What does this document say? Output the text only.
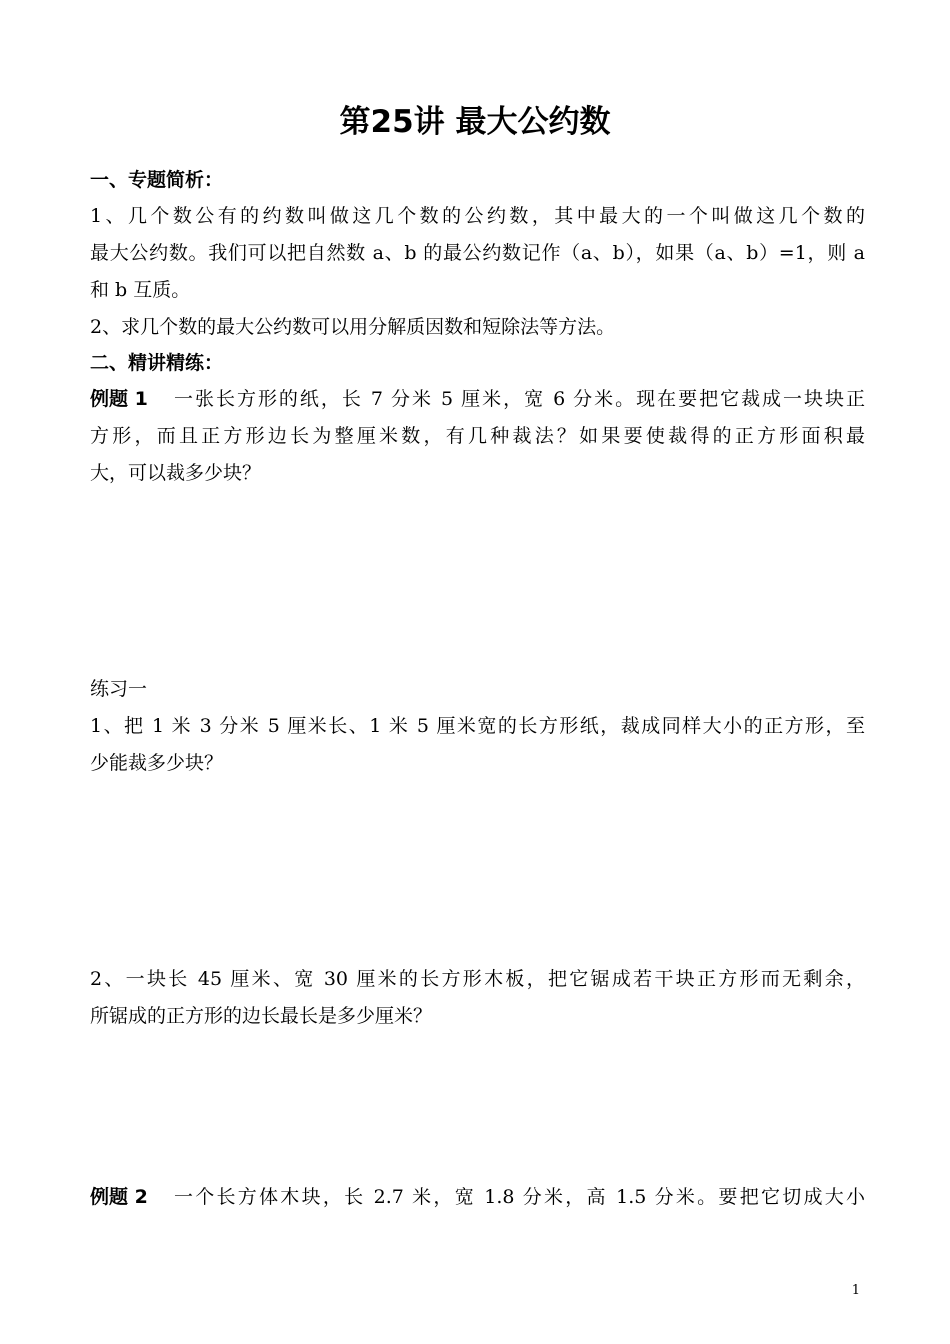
第25讲 最大公约数
一、专题简析：
1、几个数公有的约数叫做这几个数的公约数，其中最大的一个叫做这几个数的
最大公约数。我们可以把自然数 a、b 的最公约数记作（a、b），如果（a、b）=1，则 a
和 b 互质。
2、求几个数的最大公约数可以用分解质因数和短除法等方法。
二、精讲精练：
例题 1	一张长方形的纸，长 7 分米 5 厘米，宽 6 分米。现在要把它裁成一块块正
方形，而且正方形边长为整厘米数，有几种裁法？如果要使裁得的正方形面积最
大，可以裁多少块？
练习一
1、把 1 米 3 分米 5 厘米长、1 米 5 厘米宽的长方形纸，裁成同样大小的正方形，至
少能裁多少块？
2、一块长 45 厘米、宽 30 厘米的长方形木板，把它锯成若干块正方形而无剩余，
所锯成的正方形的边长最长是多少厘米？
例题 2	一个长方体木块，长 2.7 米，宽 1.8 分米，高 1.5 分米。要把它切成大小
1
